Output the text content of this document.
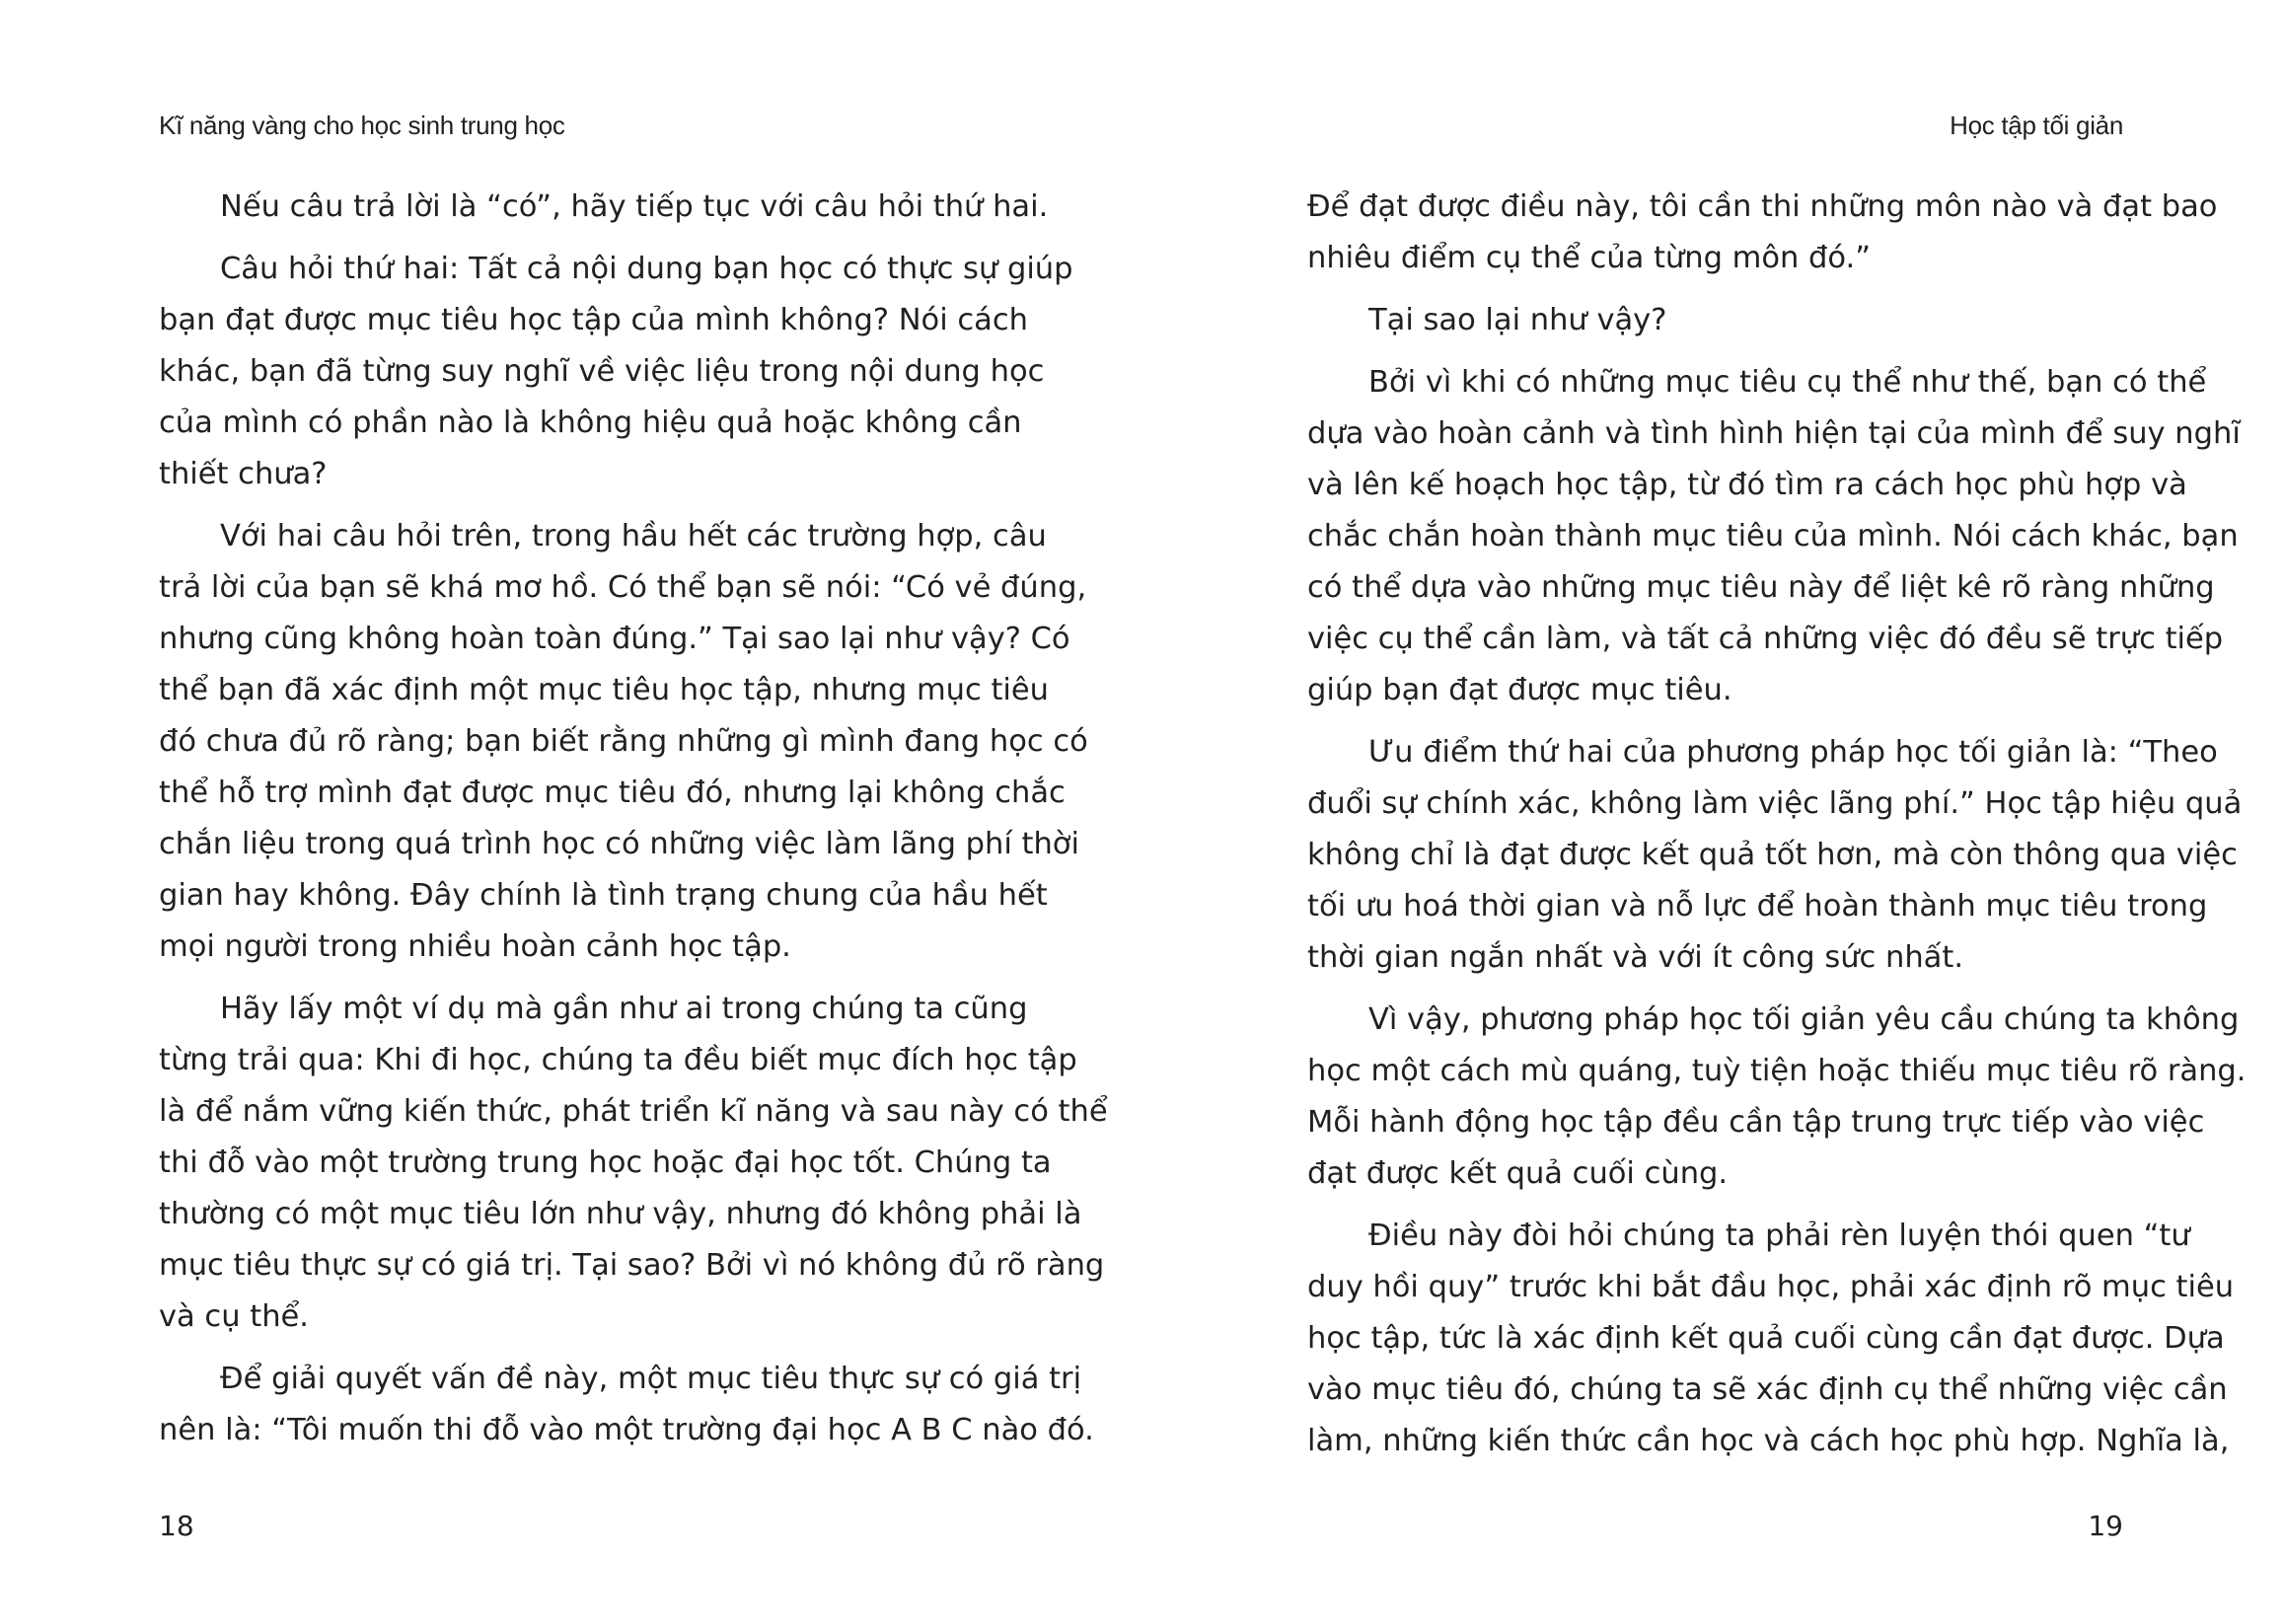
Kĩ năng vàng cho học sinh trung học
Nếu câu trả lời là “có”, hãy tiếp tục với câu hỏi thứ hai.
Câu hỏi thứ hai: Tất cả nội dung bạn học có thực sự giúp
bạn đạt được mục tiêu học tập của mình không? Nói cách
khác, bạn đã từng suy nghĩ về việc liệu trong nội dung học
của mình có phần nào là không hiệu quả hoặc không cần
thiết chưa?
Với hai câu hỏi trên, trong hầu hết các trường hợp, câu
trả lời của bạn sẽ khá mơ hồ. Có thể bạn sẽ nói: “Có vẻ đúng,
nhưng cũng không hoàn toàn đúng.” Tại sao lại như vậy? Có
thể bạn đã xác định một mục tiêu học tập, nhưng mục tiêu
đó chưa đủ rõ ràng; bạn biết rằng những gì mình đang học có
thể hỗ trợ mình đạt được mục tiêu đó, nhưng lại không chắc
chắn liệu trong quá trình học có những việc làm lãng phí thời
gian hay không. Đây chính là tình trạng chung của hầu hết
mọi người trong nhiều hoàn cảnh học tập.
Hãy lấy một ví dụ mà gần như ai trong chúng ta cũng
từng trải qua: Khi đi học, chúng ta đều biết mục đích học tập
là để nắm vững kiến thức, phát triển kĩ năng và sau này có thể
thi đỗ vào một trường trung học hoặc đại học tốt. Chúng ta
thường có một mục tiêu lớn như vậy, nhưng đó không phải là
mục tiêu thực sự có giá trị. Tại sao? Bởi vì nó không đủ rõ ràng
và cụ thể.
Để giải quyết vấn đề này, một mục tiêu thực sự có giá trị
nên là: “Tôi muốn thi đỗ vào một trường đại học A B C nào đó.
18
Học tập tối giản
Để đạt được điều này, tôi cần thi những môn nào và đạt bao
nhiêu điểm cụ thể của từng môn đó.”
Tại sao lại như vậy?
Bởi vì khi có những mục tiêu cụ thể như thế, bạn có thể
dựa vào hoàn cảnh và tình hình hiện tại của mình để suy nghĩ
và lên kế hoạch học tập, từ đó tìm ra cách học phù hợp và
chắc chắn hoàn thành mục tiêu của mình. Nói cách khác, bạn
có thể dựa vào những mục tiêu này để liệt kê rõ ràng những
việc cụ thể cần làm, và tất cả những việc đó đều sẽ trực tiếp
giúp bạn đạt được mục tiêu.
Ưu điểm thứ hai của phương pháp học tối giản là: “Theo
đuổi sự chính xác, không làm việc lãng phí.” Học tập hiệu quả
không chỉ là đạt được kết quả tốt hơn, mà còn thông qua việc
tối ưu hoá thời gian và nỗ lực để hoàn thành mục tiêu trong
thời gian ngắn nhất và với ít công sức nhất.
Vì vậy, phương pháp học tối giản yêu cầu chúng ta không
học một cách mù quáng, tuỳ tiện hoặc thiếu mục tiêu rõ ràng.
Mỗi hành động học tập đều cần tập trung trực tiếp vào việc
đạt được kết quả cuối cùng.
Điều này đòi hỏi chúng ta phải rèn luyện thói quen “tư
duy hồi quy” trước khi bắt đầu học, phải xác định rõ mục tiêu
học tập, tức là xác định kết quả cuối cùng cần đạt được. Dựa
vào mục tiêu đó, chúng ta sẽ xác định cụ thể những việc cần
làm, những kiến thức cần học và cách học phù hợp. Nghĩa là,
19
